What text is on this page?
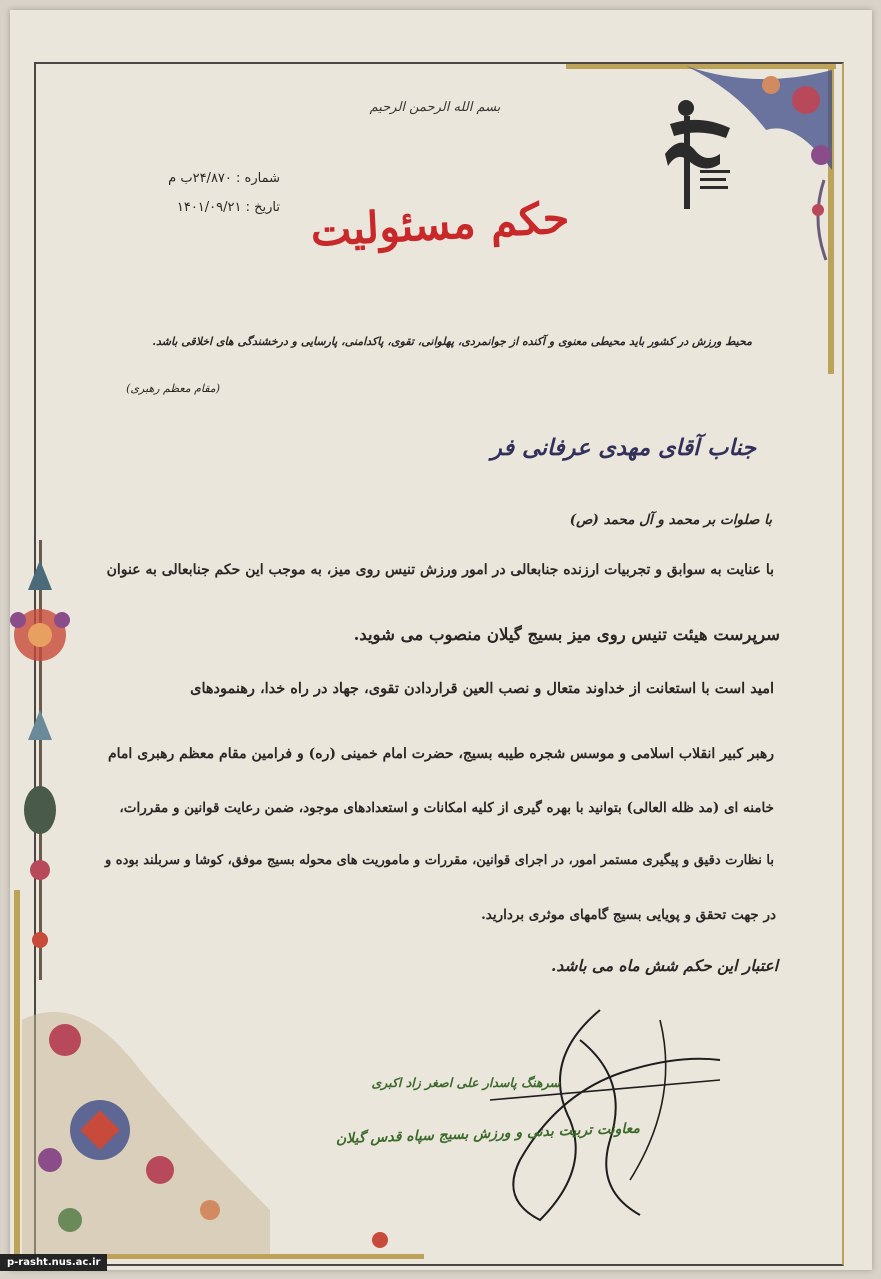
بسم الله الرحمن الرحیم
شماره : ۲۴/۸۷۰ب م
تاریخ : ۱۴۰۱/۰۹/۲۱ حکم مسئولیت
محیط ورزش در کشور باید محیطی معنوی و آکنده از جوانمردی، پهلوانی، تقوی، پاکدامنی، پارسایی و درخشندگی های اخلاقی باشد.
(مقام معظم رهبری)
جناب آقای مهدی عرفانی فر
با صلوات بر محمد و آل محمد (ص)
با عنایت به سوابق و تجربیات ارزنده جنابعالی در امور ورزش تنیس روی میز، به موجب این حکم جنابعالی به عنوان
سرپرست هیئت تنیس روی میز بسیج گیلان منصوب می شوید.
امید است با استعانت از خداوند متعال و نصب العین قراردادن تقوی، جهاد در راه خدا، رهنمودهای
رهبر کبیر انقلاب اسلامی و موسس شجره طیبه بسیج، حضرت امام خمینی (ره) و فرامین مقام معظم رهبری امام
خامنه ای (مد ظله العالی) بتوانید با بهره گیری از کلیه امکانات و استعدادهای موجود، ضمن رعایت قوانین و مقررات،
با نظارت دقیق و پیگیری مستمر امور، در اجرای قوانین، مقررات و ماموریت های محوله بسیج موفق، کوشا و سربلند بوده و
در جهت تحقق و پویایی بسیج گامهای موثری بردارید.
اعتبار این حکم شش ماه می باشد.
سرهنگ پاسدار علی اصغر زاد اکبری
معاونت تربیت بدنی و ورزش بسیج سپاه قدس گیلان
p-rasht.nus.ac.ir
